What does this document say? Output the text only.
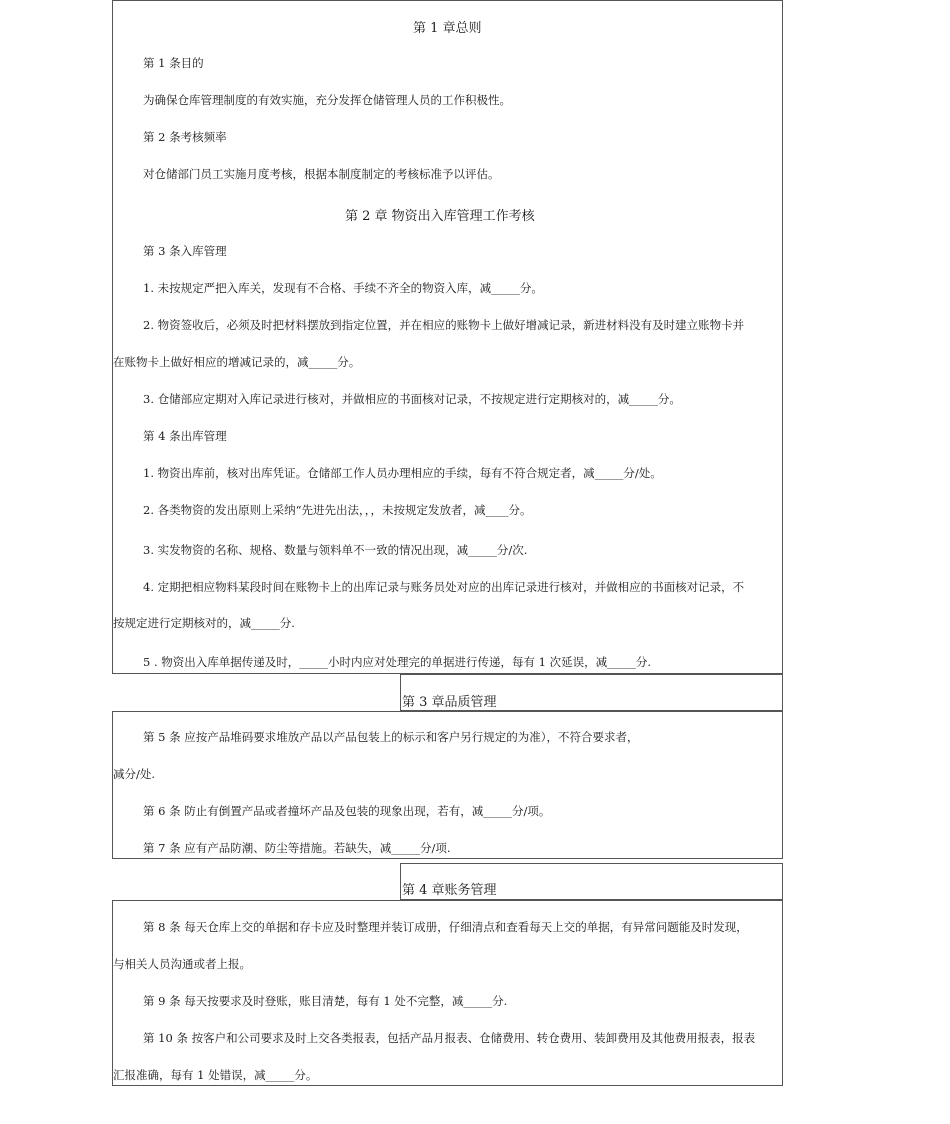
第 1 章总则
第 1 条目的
为确保仓库管理制度的有效实施，充分发挥仓储管理人员的工作积极性。
第 2 条考核频率
对仓储部门员工实施月度考核，根据本制度制定的考核标准予以评估。
第 2 章 物资出入库管理工作考核
第 3 条入库管理
1. 未按规定严把入库关，发现有不合格、手续不齐全的物资入库，减_____分。
2. 物资签收后，必须及时把材料摆放到指定位置，并在相应的账物卡上做好增减记录，新进材料没有及时建立账物卡并
在账物卡上做好相应的增减记录的，减_____分。
3. 仓储部应定期对入库记录进行核对，并做相应的书面核对记录，不按规定进行定期核对的，减_____分。
第 4 条出库管理
1. 物资出库前，核对出库凭证。仓储部工作人员办理相应的手续，每有不符合规定者，减_____分/处。
2. 各类物资的发出原则上采纳“先进先出法，，，未按规定发放者，减____分。
3. 实发物资的名称、规格、数量与领料单不一致的情况出现，减_____分/次.
4. 定期把相应物料某段时间在账物卡上的出库记录与账务员处对应的出库记录进行核对，并做相应的书面核对记录，不
按规定进行定期核对的，减_____分.
5 . 物资出入库单据传递及时，_____小时内应对处理完的单据进行传递，每有 1 次延误，减_____分.
第 3 章品质管理
第 5 条 应按产品堆码要求堆放产品以产品包装上的标示和客户另行规定的为准），不符合要求者，
减分/处.
第 6 条 防止有倒置产品或者撞坏产品及包装的现象出现，若有，减_____分/项。
第 7 条 应有产品防潮、防尘等措施。若缺失，减_____分/项.
第 4 章账务管理
第 8 条 每天仓库上交的单据和存卡应及时整理并装订成册，仔细清点和查看每天上交的单据，有异常问题能及时发现，
与相关人员沟通或者上报。
第 9 条 每天按要求及时登账，账目清楚，每有 1 处不完整，减_____分.
第 10 条 按客户和公司要求及时上交各类报表，包括产品月报表、仓储费用、转仓费用、装卸费用及其他费用报表，报表
汇报准确，每有 1 处错误，减_____分。
